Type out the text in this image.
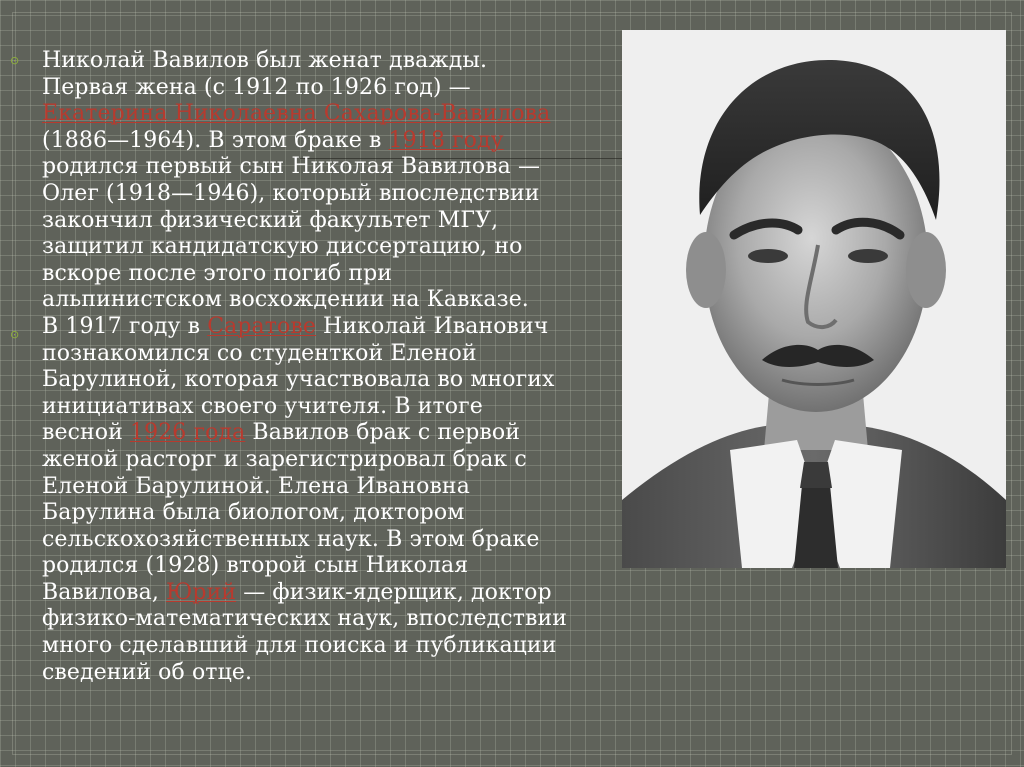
⊙
⊙
Николай Вавилов был женат дважды.
Первая жена (с 1912 по 1926 год) —
Екатерина Николаевна Сахарова-Вавилова
(1886—1964). В этом браке в 1918 году
родился первый сын Николая Вавилова —
Олег (1918—1946), который впоследствии
закончил физический факультет МГУ,
защитил кандидатскую диссертацию, но
вскоре после этого погиб при
альпинистском восхождении на Кавказе.
В 1917 году в Саратове Николай Иванович
познакомился со студенткой Еленой
Барулиной, которая участвовала во многих
инициативах своего учителя. В итоге
весной 1926 года Вавилов брак с первой
женой расторг и зарегистрировал брак с
Еленой Барулиной. Елена Ивановна
Барулина была биологом, доктором
сельскохозяйственных наук. В этом браке
родился (1928) второй сын Николая
Вавилова, Юрий — физик-ядерщик, доктор
физико-математических наук, впоследствии
много сделавший для поиска и публикации
сведений об отце.
